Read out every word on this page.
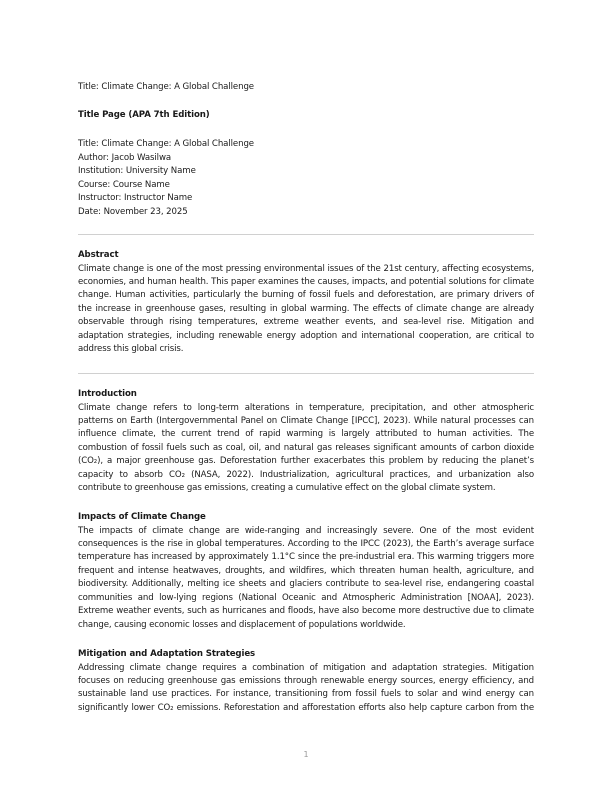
Title: Climate Change: A Global Challenge
Title Page (APA 7th Edition)
Title: Climate Change: A Global Challenge
Author: Jacob Wasilwa
Institution: University Name
Course: Course Name
Instructor: Instructor Name
Date: November 23, 2025
Abstract
Climate change is one of the most pressing environmental issues of the 21st century, affecting ecosystems,
economies, and human health. This paper examines the causes, impacts, and potential solutions for climate
change. Human activities, particularly the burning of fossil fuels and deforestation, are primary drivers of
the increase in greenhouse gases, resulting in global warming. The effects of climate change are already
observable through rising temperatures, extreme weather events, and sea-level rise. Mitigation and
adaptation strategies, including renewable energy adoption and international cooperation, are critical to
address this global crisis.
Introduction
Climate change refers to long-term alterations in temperature, precipitation, and other atmospheric
patterns on Earth (Intergovernmental Panel on Climate Change [IPCC], 2023). While natural processes can
influence climate, the current trend of rapid warming is largely attributed to human activities. The
combustion of fossil fuels such as coal, oil, and natural gas releases significant amounts of carbon dioxide
(CO₂), a major greenhouse gas. Deforestation further exacerbates this problem by reducing the planet’s
capacity to absorb CO₂ (NASA, 2022). Industrialization, agricultural practices, and urbanization also
contribute to greenhouse gas emissions, creating a cumulative effect on the global climate system.
Impacts of Climate Change
The impacts of climate change are wide-ranging and increasingly severe. One of the most evident
consequences is the rise in global temperatures. According to the IPCC (2023), the Earth’s average surface
temperature has increased by approximately 1.1°C since the pre-industrial era. This warming triggers more
frequent and intense heatwaves, droughts, and wildfires, which threaten human health, agriculture, and
biodiversity. Additionally, melting ice sheets and glaciers contribute to sea-level rise, endangering coastal
communities and low-lying regions (National Oceanic and Atmospheric Administration [NOAA], 2023).
Extreme weather events, such as hurricanes and floods, have also become more destructive due to climate
change, causing economic losses and displacement of populations worldwide.
Mitigation and Adaptation Strategies
Addressing climate change requires a combination of mitigation and adaptation strategies. Mitigation
focuses on reducing greenhouse gas emissions through renewable energy sources, energy efficiency, and
sustainable land use practices. For instance, transitioning from fossil fuels to solar and wind energy can
significantly lower CO₂ emissions. Reforestation and afforestation efforts also help capture carbon from the
1
